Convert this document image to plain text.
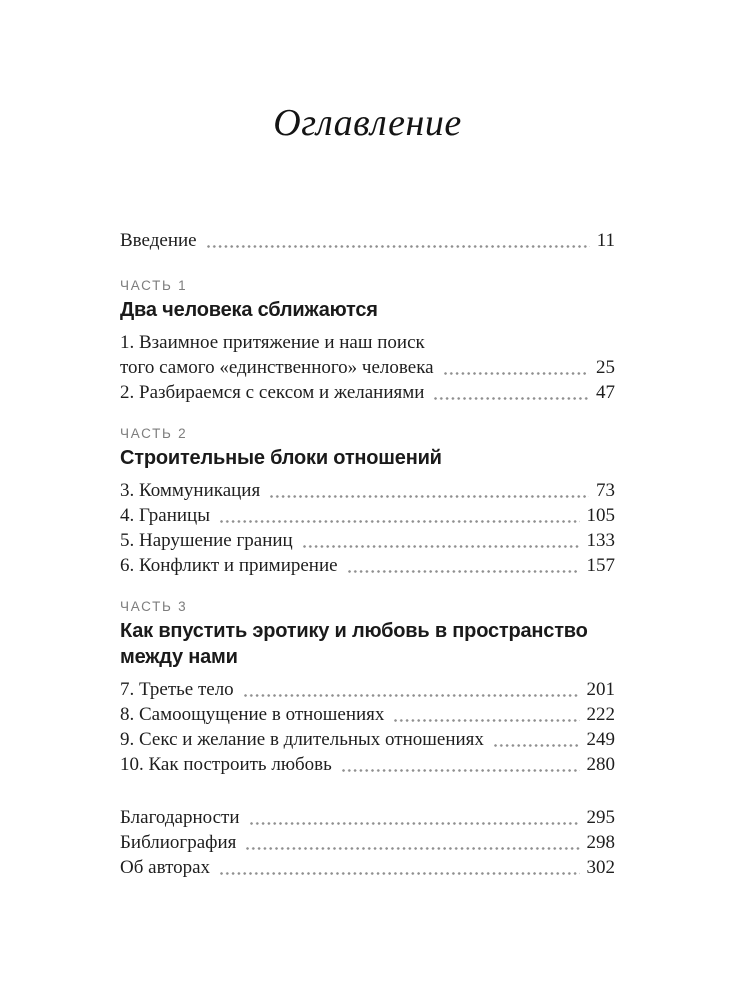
Оглавление
Введение	11
ЧАСТЬ 1
Два человека сближаются
1. Взаимное притяжение и наш поиск
того самого «единственного» человека	25
2. Разбираемся с сексом и желаниями	47
ЧАСТЬ 2
Строительные блоки отношений
3. Коммуникация	73
4. Границы	105
5. Нарушение границ	133
6. Конфликт и примирение	157
ЧАСТЬ 3
Как впустить эротику и любовь в пространство
между нами
7. Третье тело	201
8. Самоощущение в отношениях	222
9. Секс и желание в длительных отношениях	249
10. Как построить любовь	280
Благодарности	295
Библиография	298
Об авторах	302
